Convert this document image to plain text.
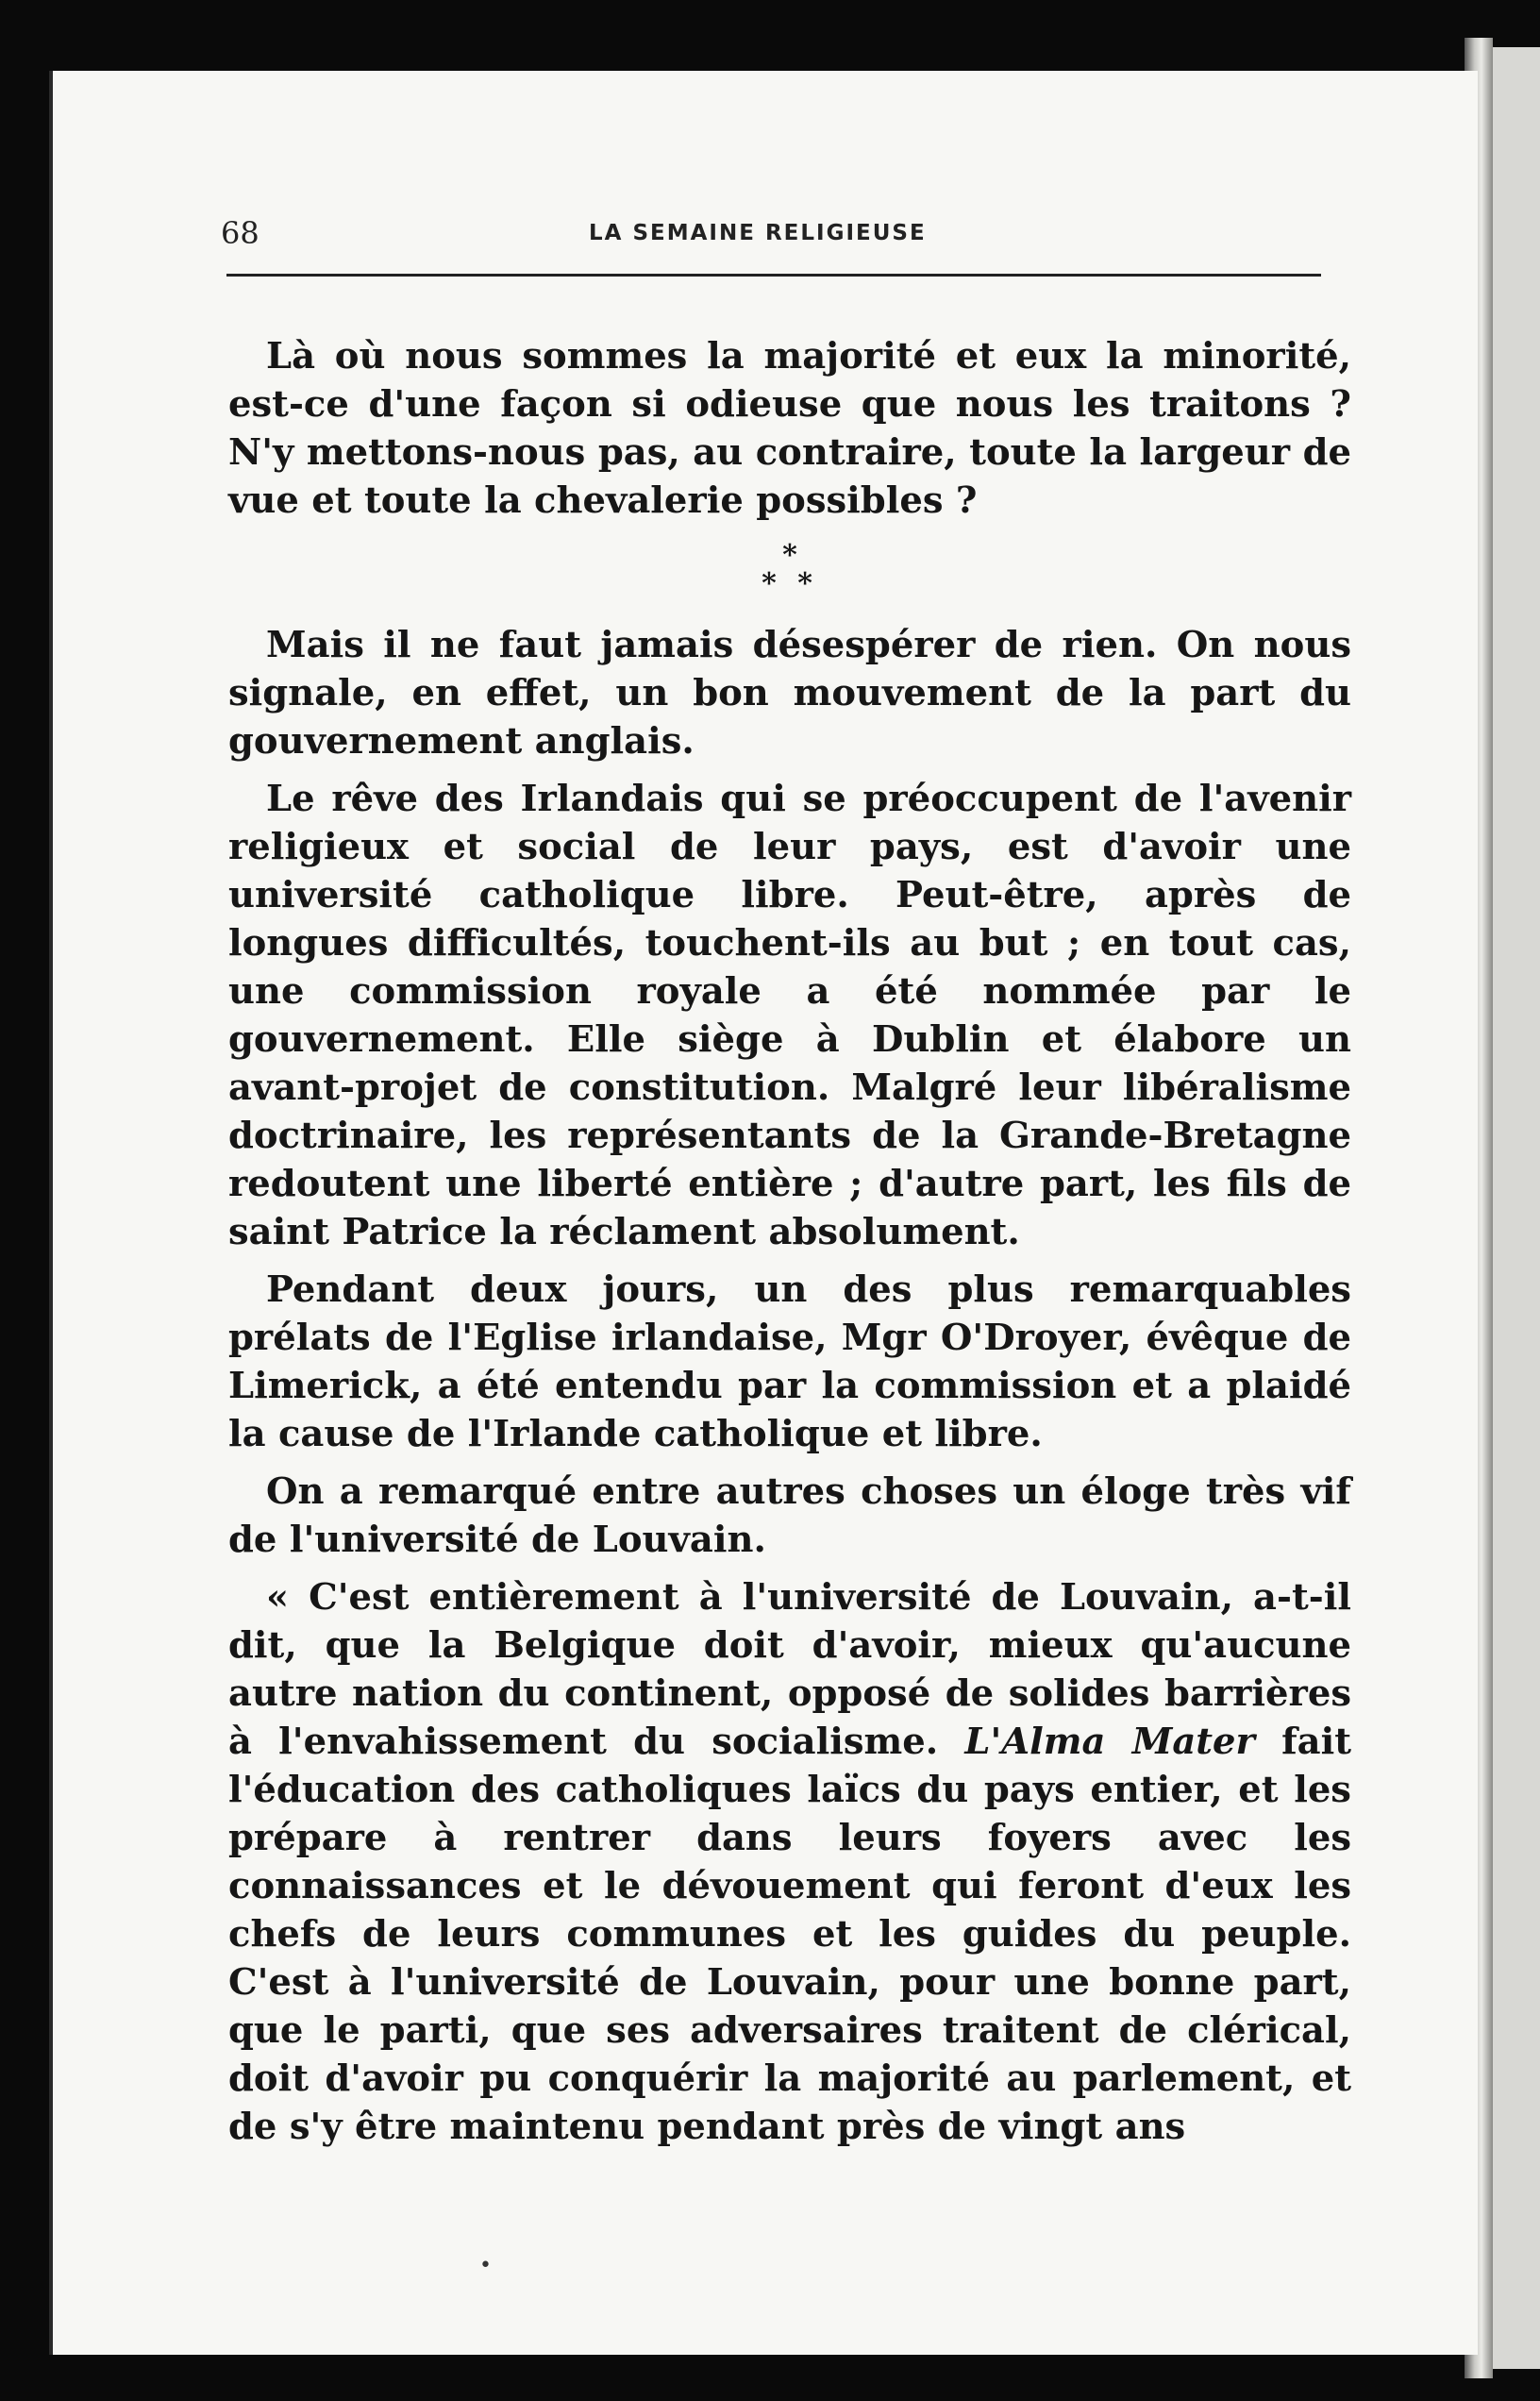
68	LA SEMAINE RELIGIEUSE

Là où nous sommes la majorité et eux la minorité, est-ce d'une façon si odieuse que nous les traitons ? N'y mettons-nous pas, au contraire, toute la largeur de vue et toute la chevalerie possibles ?

*
* *

Mais il ne faut jamais désespérer de rien. On nous signale, en effet, un bon mouvement de la part du gouvernement anglais.

Le rêve des Irlandais qui se préoccupent de l'avenir religieux et social de leur pays, est d'avoir une université catholique libre. Peut-être, après de longues difficultés, touchent-ils au but ; en tout cas, une commission royale a été nommée par le gouvernement. Elle siège à Dublin et élabore un avant-projet de constitution. Malgré leur libéralisme doctrinaire, les représentants de la Grande-Bretagne redoutent une liberté entière ; d'autre part, les fils de saint Patrice la réclament absolument.

Pendant deux jours, un des plus remarquables prélats de l'Eglise irlandaise, Mgr O'Droyer, évêque de Limerick, a été entendu par la commission et a plaidé la cause de l'Irlande catholique et libre.

On a remarqué entre autres choses un éloge très vif de l'université de Louvain.

« C'est entièrement à l'université de Louvain, a-t-il dit, que la Belgique doit d'avoir, mieux qu'aucune autre nation du continent, opposé de solides barrières à l'envahissement du socialisme. L'Alma Mater fait l'éducation des catholiques laïcs du pays entier, et les prépare à rentrer dans leurs foyers avec les connaissances et le dévouement qui feront d'eux les chefs de leurs communes et les guides du peuple. C'est à l'université de Louvain, pour une bonne part, que le parti, que ses adversaires traitent de clérical, doit d'avoir pu conquérir la majorité au parlement, et de s'y être maintenu pendant près de vingt ans

•
